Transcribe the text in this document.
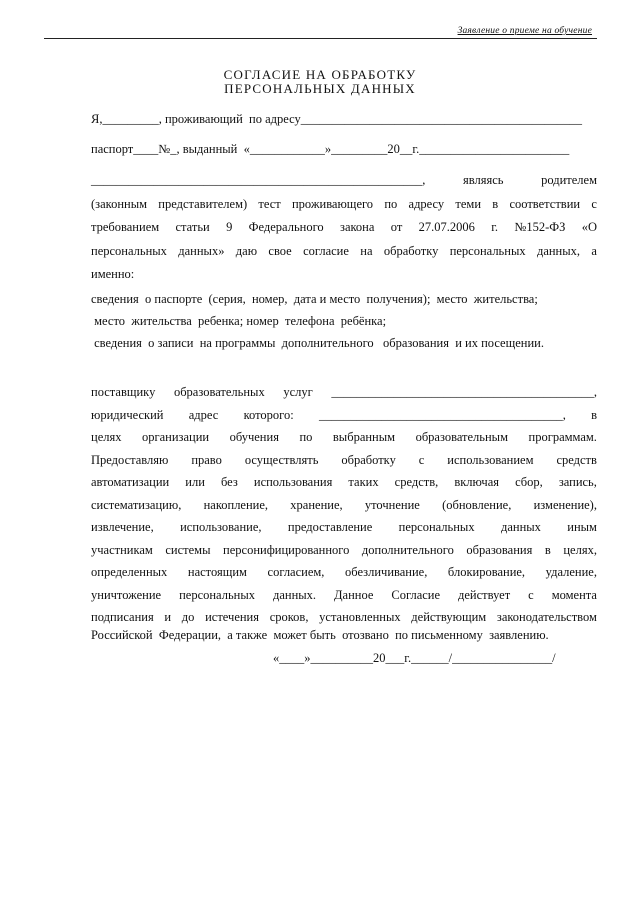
Заявление о приеме на обучение
СОГЛАСИЕ НА ОБРАБОТКУ
ПЕРСОНАЛЬНЫХ ДАННЫХ
Я,_________, проживающий  по адресу_____________________________________________
паспорт____№_, выданный  «____________»_________20__г.________________________
_____________________________________________________,	являясь	родителем
(законным представителем) тест проживающего по адресу теми в соответствии с
требованием статьи 9 Федерального закона от 27.07.2006 г. №152-ФЗ «О
персональных данных» даю свое согласие на обработку персональных данных, а
именно:
сведения  о паспорте  (серия,  номер,  дата и место  получения);  место  жительства;
место  жительства  ребенка; номер  телефона  ребёнка;
сведения  о записи  на программы  дополнительного   образования  и их посещении.
поставщику образовательных услуг __________________________________________,
юридический адрес которого: _______________________________________, в
целях организации обучения по выбранным образовательным программам.
Предоставляю право осуществлять обработку с использованием средств
автоматизации или без использования таких средств, включая сбор, запись,
систематизацию, накопление, хранение, уточнение (обновление, изменение),
извлечение, использование, предоставление персональных данных иным
участникам системы персонифицированного дополнительного образования в целях,
определенных настоящим согласием, обезличивание, блокирование, удаление,
уничтожение персональных данных. Данное Согласие действует с момента
подписания и до истечения сроков, установленных действующим законодательством
Российской  Федерации,  а также  может быть  отозвано  по письменному  заявлению.
«____»__________20___г.______/________________/
